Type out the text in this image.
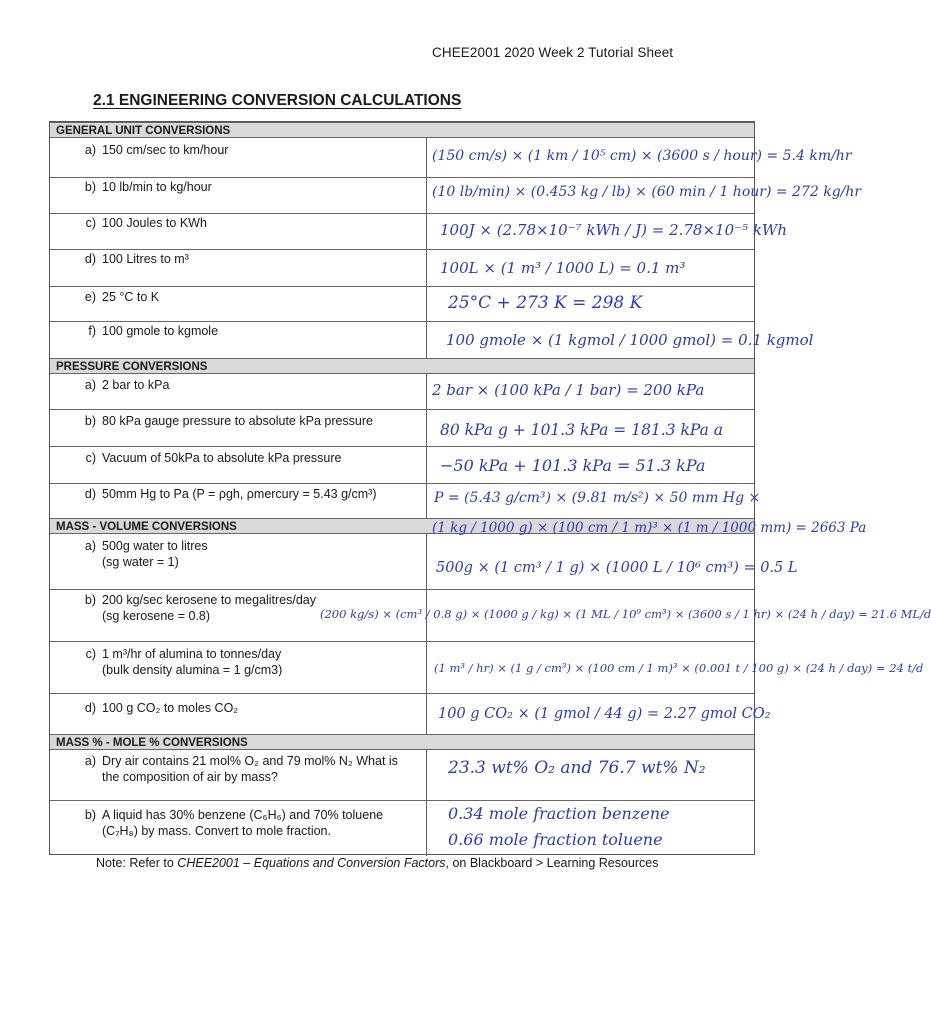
CHEE2001 2020 Week 2 Tutorial Sheet
2.1 ENGINEERING CONVERSION CALCULATIONS
GENERAL UNIT CONVERSIONS
a) 150 cm/sec to km/hour
b) 10 lb/min to kg/hour
c) 100 Joules to KWh
d) 100 Litres to m³
e) 25 °C to K
f) 100 gmole to kgmole
PRESSURE CONVERSIONS
a) 2 bar to kPa
b) 80 kPa gauge pressure to absolute kPa pressure
c) Vacuum of 50kPa to absolute kPa pressure
d) 50mm Hg to Pa (P = ρgh, ρmercury = 5.43 g/cm³)
MASS - VOLUME CONVERSIONS
a) 500g water to litres
(sg water = 1)
b) 200 kg/sec kerosene to megalitres/day
(sg kerosene = 0.8)
c) 1 m³/hr of alumina to tonnes/day
(bulk density alumina = 1 g/cm3)
d) 100 g CO₂ to moles CO₂
MASS % - MOLE % CONVERSIONS
a) Dry air contains 21 mol% O₂ and 79 mol% N₂ What is the composition of air by mass?
b) A liquid has 30% benzene (C₆H₆) and 70% toluene (C₇H₈) by mass. Convert to mole fraction.
(150 cm/s) × (1 km / 10⁵ cm) × (3600 s / hour) = 5.4 km/hr
(10 lb/min) × (0.453 kg / lb) × (60 min / 1 hour) = 272 kg/hr
100J × (2.78×10⁻⁷ kWh / J) = 2.78×10⁻⁵ kWh
100L × (1 m³ / 1000 L) = 0.1 m³
25°C + 273 K = 298 K
100 gmole × (1 kgmol / 1000 gmol) = 0.1 kgmol
2 bar × (100 kPa / 1 bar) = 200 kPa
80 kPa g + 101.3 kPa = 181.3 kPa a
−50 kPa + 101.3 kPa = 51.3 kPa
P = (5.43 g/cm³) × (9.81 m/s²) × 50 mm Hg ×
(1 kg / 1000 g) × (100 cm / 1 m)³ × (1 m / 1000 mm) = 2663 Pa
500g × (1 cm³ / 1 g) × (1000 L / 10⁶ cm³) = 0.5 L
(200 kg/s) × (cm³ / 0.8 g) × (1000 g / kg) × (1 ML / 10⁹ cm³) × (3600 s / 1 hr) × (24 h / day) = 21.6 ML/d
(1 m³ / hr) × (1 g / cm³) × (100 cm / 1 m)³ × (0.001 t / 100 g) × (24 h / day) = 24 t/d
100 g CO₂ × (1 gmol / 44 g) = 2.27 gmol CO₂
23.3 wt% O₂ and 76.7 wt% N₂
0.34 mole fraction benzene
0.66 mole fraction toluene
Note: Refer to CHEE2001 – Equations and Conversion Factors, on Blackboard > Learning Resources
